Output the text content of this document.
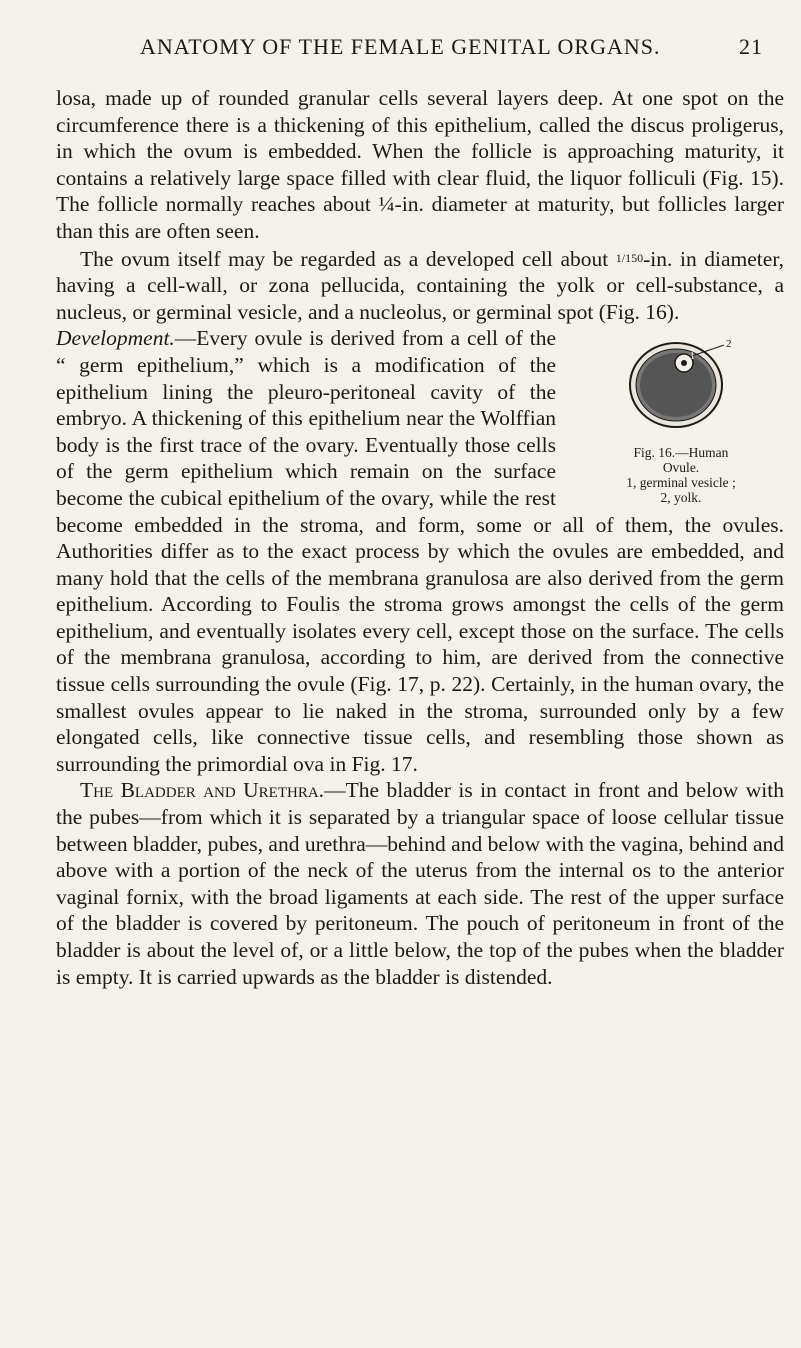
ANATOMY OF THE FEMALE GENITAL ORGANS.	21

losa, made up of rounded granular cells several layers deep. At one spot on the circumference there is a thickening of this epithelium, called the discus proligerus, in which the ovum is embedded. When the follicle is approaching maturity, it contains a relatively large space filled with clear fluid, the liquor folliculi (Fig. 15). The follicle normally reaches about ¼-in. diameter at maturity, but follicles larger than this are often seen.

The ovum itself may be regarded as a developed cell about 1/150-in. in diameter, having a cell-wall, or zona pellucida, containing the yolk or cell-substance, a nucleus, or germinal vesicle, and a nucleolus, or germinal spot (Fig. 16).

2
1
Fig. 16.—Human
Ovule.
1, germinal vesicle ;
2, yolk.
Development.—Every ovule is derived from a cell of the “ germ epithelium,” which is a modification of the epithelium lining the pleuro-peritoneal cavity of the embryo. A thickening of this epithelium near the Wolffian body is the first trace of the ovary. Eventually those cells of the germ epithelium which remain on the surface become the cubical epithelium of the ovary, while the rest become embedded in the stroma, and form, some or all of them, the ovules. Authorities differ as to the exact process by which the ovules are embedded, and many hold that the cells of the membrana granulosa are also derived from the germ epithelium. According to Foulis the stroma grows amongst the cells of the germ epithelium, and eventually isolates every cell, except those on the surface. The cells of the membrana granulosa, according to him, are derived from the connective tissue cells surrounding the ovule (Fig. 17, p. 22). Certainly, in the human ovary, the smallest ovules appear to lie naked in the stroma, surrounded only by a few elongated cells, like connective tissue cells, and resembling those shown as surrounding the primordial ova in Fig. 17.

The Bladder and Urethra.—The bladder is in contact in front and below with the pubes—from which it is separated by a triangular space of loose cellular tissue between bladder, pubes, and urethra—behind and below with the vagina, behind and above with a portion of the neck of the uterus from the internal os to the anterior vaginal fornix, with the broad ligaments at each side. The rest of the upper surface of the bladder is covered by peritoneum. The pouch of peritoneum in front of the bladder is about the level of, or a little below, the top of the pubes when the bladder is empty. It is carried upwards as the bladder is distended.
